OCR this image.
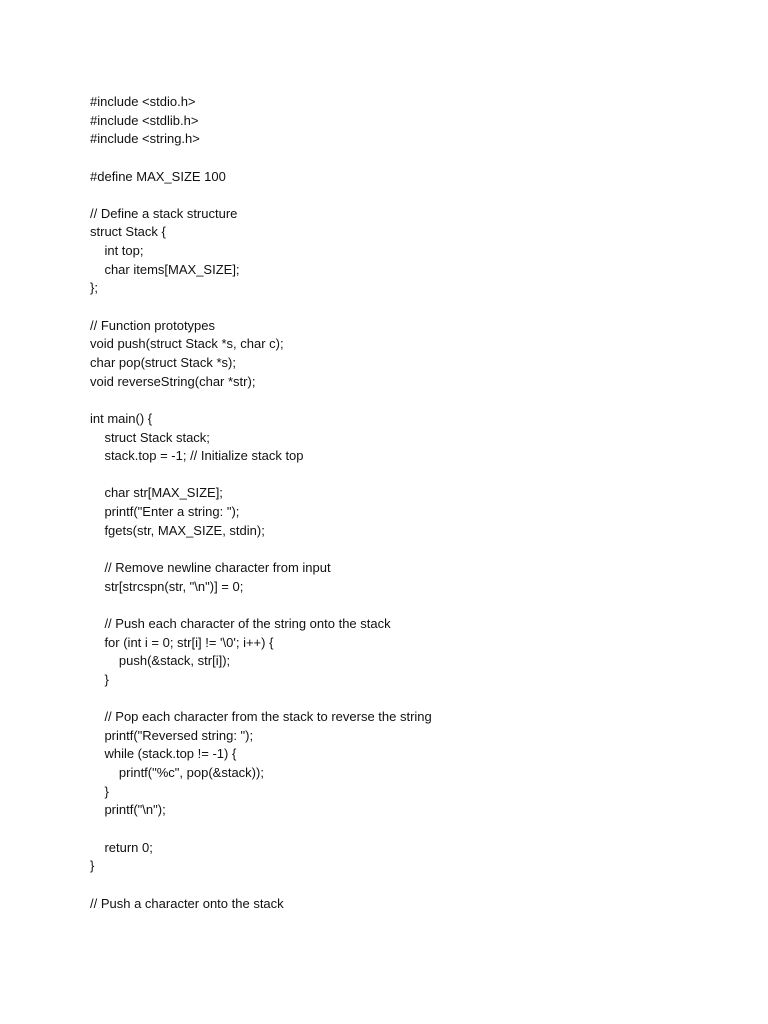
#include <stdio.h>
#include <stdlib.h>
#include <string.h>
#define MAX_SIZE 100
// Define a stack structure
struct Stack {
int top;
char items[MAX_SIZE];
};
// Function prototypes
void push(struct Stack *s, char c);
char pop(struct Stack *s);
void reverseString(char *str);
int main() {
struct Stack stack;
stack.top = -1; // Initialize stack top
char str[MAX_SIZE];
printf("Enter a string: ");
fgets(str, MAX_SIZE, stdin);
// Remove newline character from input
str[strcspn(str, "\n")] = 0;
// Push each character of the string onto the stack
for (int i = 0; str[i] != '\0'; i++) {
push(&stack, str[i]);
}
// Pop each character from the stack to reverse the string
printf("Reversed string: ");
while (stack.top != -1) {
printf("%c", pop(&stack));
}
printf("\n");
return 0;
}
// Push a character onto the stack
